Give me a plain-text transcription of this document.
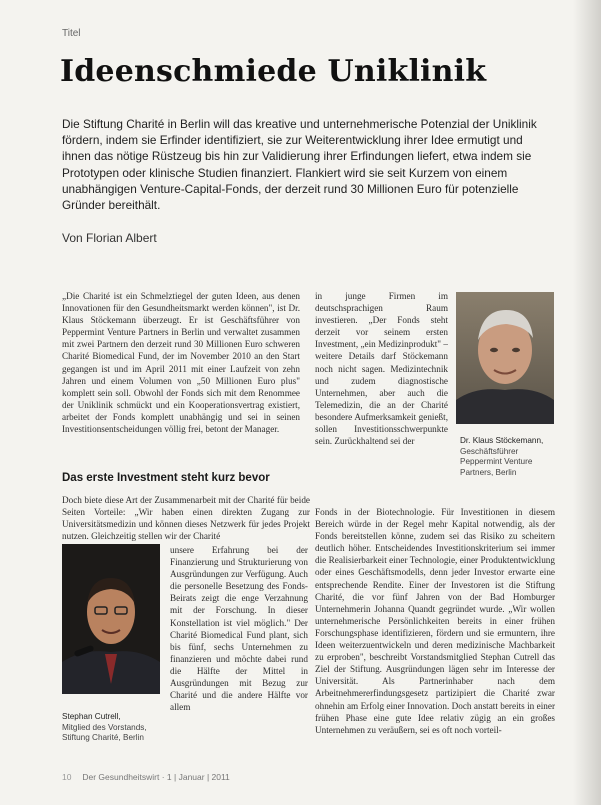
Titel
Ideenschmiede Uniklinik

Die Stiftung Charité in Berlin will das kreative und unternehmerische Potenzial der Uniklinik fördern, indem sie Erfinder identifiziert, sie zur Weiterentwicklung ihrer Idee ermutigt und ihnen das nötige Rüstzeug bis hin zur Validierung ihrer Erfindungen liefert, etwa indem sie Prototypen oder klinische Studien finanziert. Flankiert wird sie seit Kurzem von einem unabhängigen Venture-Capital-Fonds, der derzeit rund 30 Millionen Euro für potenzielle Gründer bereithält.

Von Florian Albert

„Die Charité ist ein Schmelztiegel der guten Ideen, aus denen Innovationen für den Gesundheitsmarkt werden können", ist Dr. Klaus Stöckemann überzeugt. Er ist Geschäftsführer von Peppermint Venture Partners in Berlin und verwaltet zusammen mit zwei Partnern den derzeit rund 30 Millionen Euro schweren Charité Biomedical Fund, der im November 2010 an den Start gegangen ist und im April 2011 mit einer Laufzeit von zehn Jahren und einem Volumen von „50 Millionen Euro plus" komplett sein soll. Obwohl der Fonds sich mit dem Renommee der Uniklinik schmückt und ein Kooperationsvertrag existiert, arbeitet der Fonds komplett unabhängig und sei in seinen Investitionsentscheidungen völlig frei, betont der Manager.

in junge Firmen im deutschsprachigen Raum investieren. „Der Fonds steht derzeit vor seinem ersten Investment, „ein Medizinprodukt" – weitere Details darf Stöckemann noch nicht sagen. Medizintechnik und zudem diagnostische Unternehmen, aber auch die Telemedizin, die an der Charité besondere Aufmerksamkeit genießt, sollen Investitionsschwerpunkte sein. Zurückhaltend sei der	Dr. Klaus Stöckemann,
Geschäftsführer Peppermint Venture Partners, Berlin
Das erste Investment steht kurz bevor

Doch biete diese Art der Zusammenarbeit mit der Charité für beide Seiten Vorteile: „Wir haben einen direkten Zugang zur Universitätsmedizin und können dieses Netzwerk für jedes Projekt nutzen. Gleichzeitig stellen wir der Charité

Stephan Cutrell,
Mitglied des Vorstands, Stiftung Charité, Berlin

unsere Erfahrung bei der Finanzierung und Strukturierung von Ausgründungen zur Verfügung. Auch die personelle Besetzung des Fonds-Beirats zeigt die enge Verzahnung mit der Forschung. In dieser Konstellation ist viel möglich." Der Charité Biomedical Fund plant, sich bis fünf, sechs Unternehmen zu finanzieren und möchte dabei rund die Hälfte der Mittel in Ausgründungen mit Bezug zur Charité und die andere Hälfte vor allem

Fonds in der Biotechnologie. Für Investitionen in diesem Bereich würde in der Regel mehr Kapital notwendig, als der Fonds bereitstellen könne, zudem sei das Risiko zu scheitern deutlich höher. Entscheidendes Investitionskriterium sei immer die Realisierbarkeit einer Technologie, einer Produktentwicklung oder eines Geschäftsmodells, denn jeder Investor erwarte eine entsprechende Rendite. Einer der Investoren ist die Stiftung Charité, die vor fünf Jahren von der Bad Homburger Unternehmerin Johanna Quandt gegründet wurde. „Wir wollen unternehmerische Persönlichkeiten bereits in einer frühen Forschungsphase identifizieren, fördern und sie ermuntern, ihre Ideen weiterzuentwickeln und deren medizinische Machbarkeit zu erproben", beschreibt Vorstandsmitglied Stephan Cutrell das Ziel der Stiftung. Ausgründungen lägen sehr im Interesse der Universität. Als Partnerinhaber nach dem Arbeitnehmererfindungsgesetz partizipiert die Charité zwar ohnehin am Erfolg einer Innovation. Doch anstatt bereits in einer frühen Phase eine gute Idee relativ zügig an ein großes Unternehmen zu veräußern, sei es oft noch vorteil-

10 Der Gesundheitswirt · 1 | Januar | 2011
